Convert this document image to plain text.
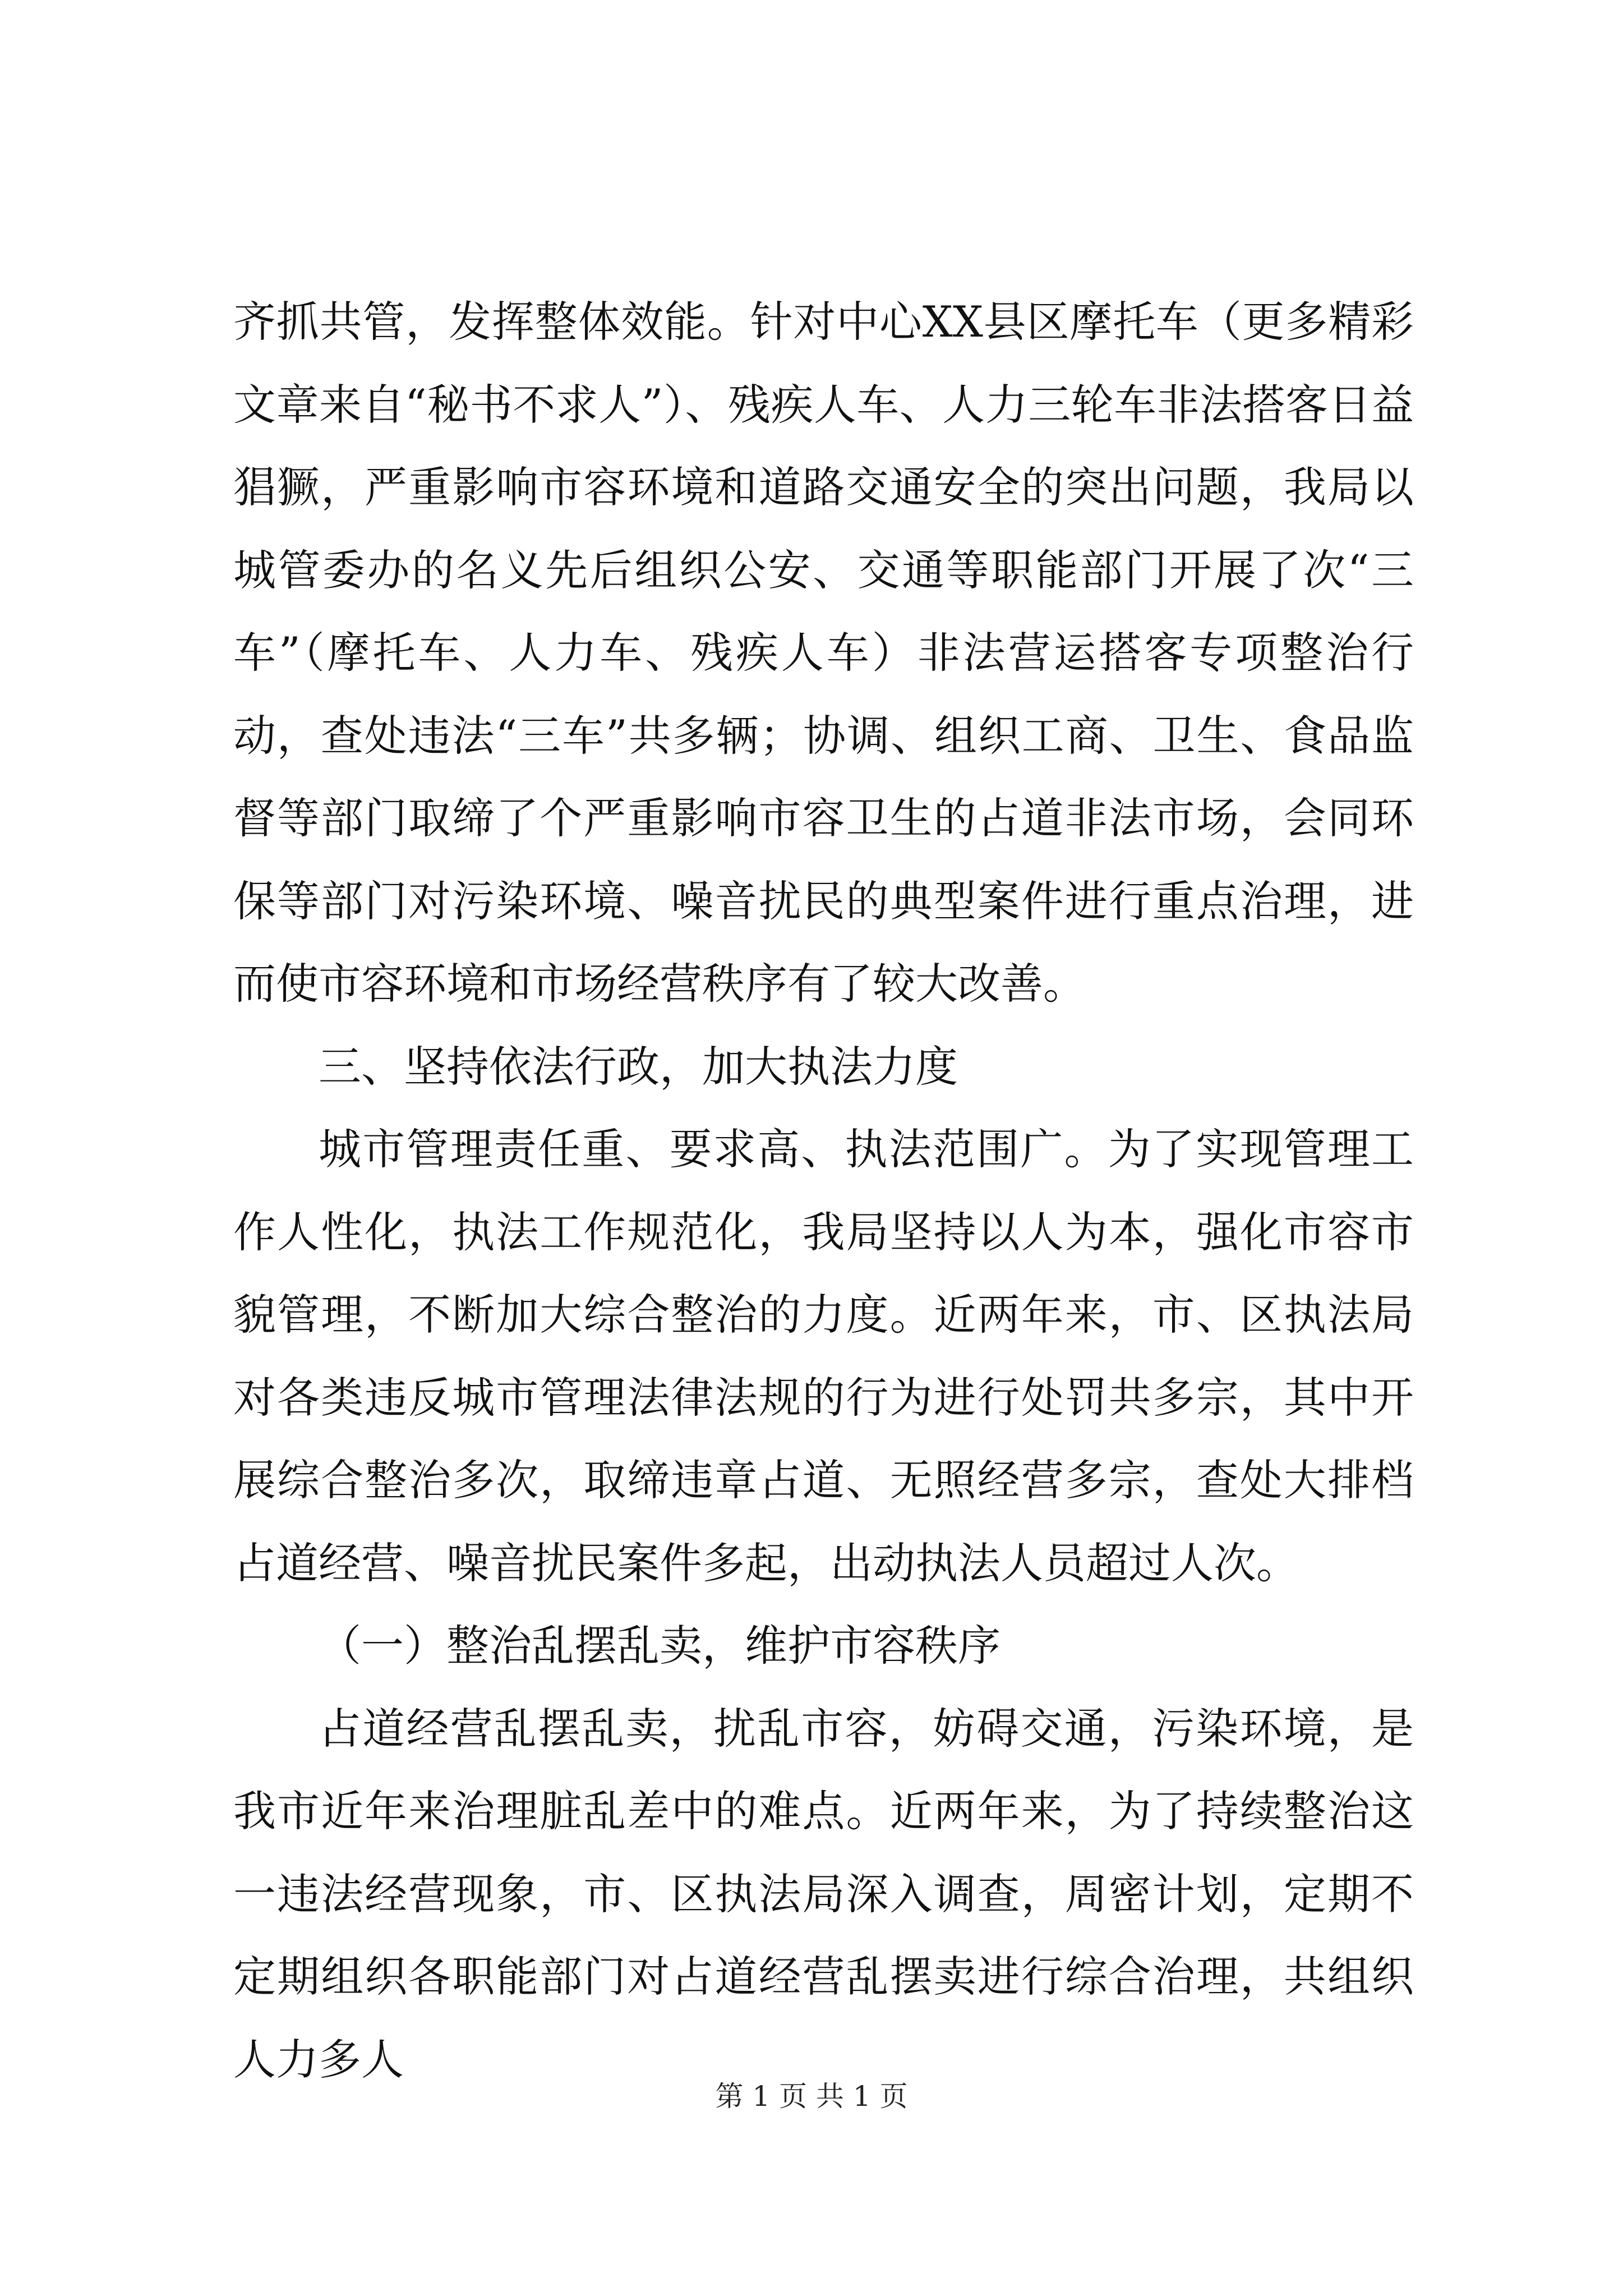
齐抓共管，发挥整体效能。针对中心XX县区摩托车（更多精彩文章来自“秘书不求人”）、残疾人车、人力三轮车非法搭客日益猖獗，严重影响市容环境和道路交通安全的突出问题，我局以城管委办的名义先后组织公安、交通等职能部门开展了次“三车”（摩托车、人力车、残疾人车）非法营运搭客专项整治行动，查处违法“三车”共多辆；协调、组织工商、卫生、食品监督等部门取缔了个严重影响市容卫生的占道非法市场，会同环保等部门对污染环境、噪音扰民的典型案件进行重点治理，进而使市容环境和市场经营秩序有了较大改善。

三、坚持依法行政，加大执法力度

城市管理责任重、要求高、执法范围广。为了实现管理工作人性化，执法工作规范化，我局坚持以人为本，强化市容市貌管理，不断加大综合整治的力度。近两年来，市、区执法局对各类违反城市管理法律法规的行为进行处罚共多宗，其中开展综合整治多次，取缔违章占道、无照经营多宗，查处大排档占道经营、噪音扰民案件多起，出动执法人员超过人次。

（一）整治乱摆乱卖，维护市容秩序

占道经营乱摆乱卖，扰乱市容，妨碍交通，污染环境，是我市近年来治理脏乱差中的难点。近两年来，为了持续整治这一违法经营现象，市、区执法局深入调查，周密计划，定期不定期组织各职能部门对占道经营乱摆卖进行综合治理，共组织人力多人

第 1 页 共 1 页
